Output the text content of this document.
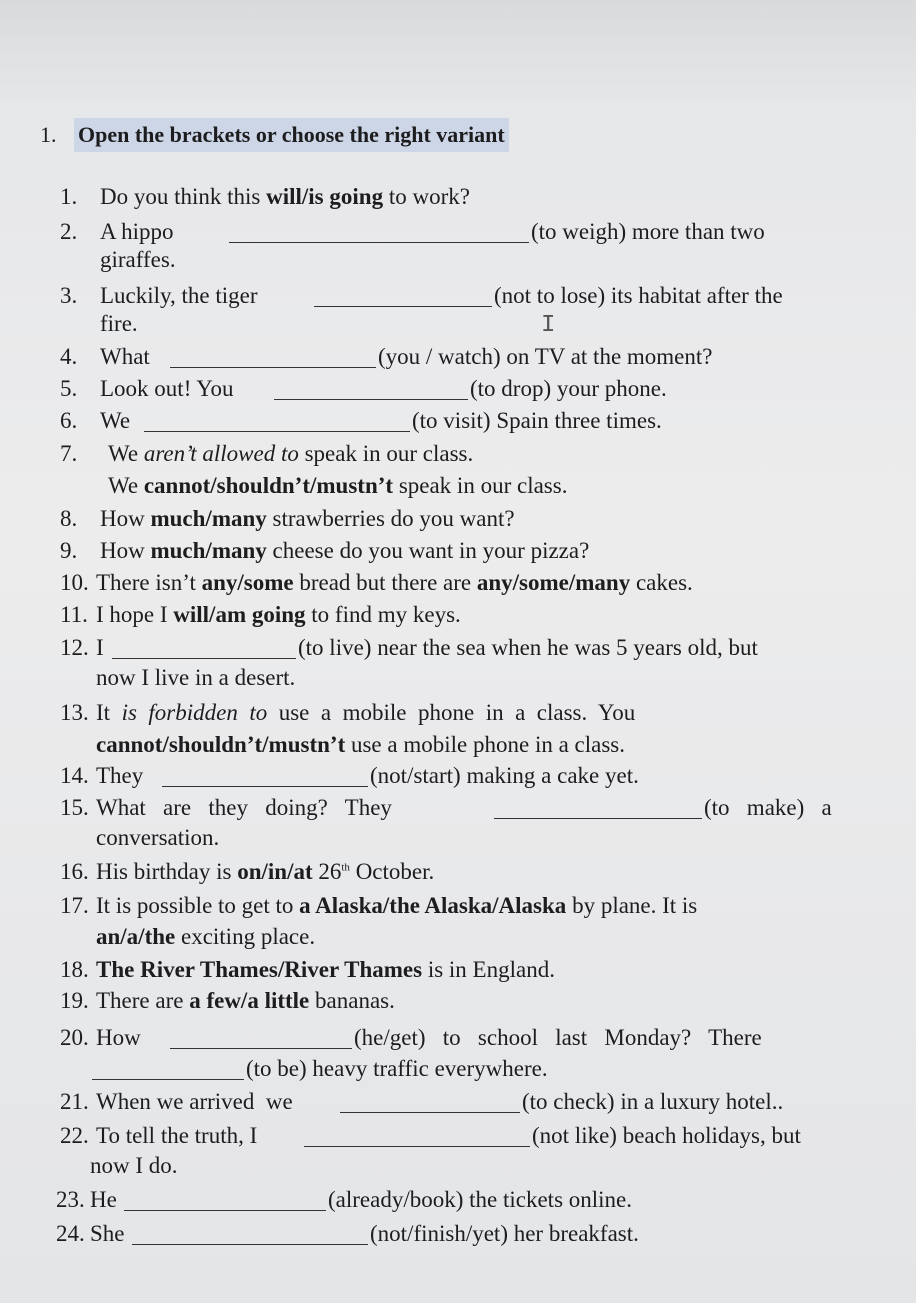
1. Open the brackets or choose the right variant
1. Do you think this will/is going to work?
2. A hippo	(to weigh) more than two
giraffes.
3. Luckily, the tiger	(not to lose) its habitat after the
fire.	I
4. What	(you / watch) on TV at the moment?
5. Look out! You	(to drop) your phone.
6. We	(to visit) Spain three times.
7. We aren’t allowed to speak in our class.
We cannot/shouldn’t/mustn’t speak in our class.
8. How much/many strawberries do you want?
9. How much/many cheese do you want in your pizza?
10. There isn’t any/some bread but there are any/some/many cakes.
11. I hope I will/am going to find my keys.
12. I	(to live) near the sea when he was 5 years old, but
now I live in a desert.
13. It  is  forbidden  to  use  a  mobile  phone  in  a  class.  You
cannot/shouldn’t/mustn’t use a mobile phone in a class.
14. They	(not/start) making a cake yet.
15. What   are   they   doing?   They	(to   make)   a
conversation.
16. His birthday is on/in/at 26th October.
17. It is possible to get to a Alaska/the Alaska/Alaska by plane. It is
an/a/the exciting place.
18. The River Thames/River Thames is in England.
19. There are a few/a little bananas.
20. How	(he/get)   to   school   last   Monday?   There
(to be) heavy traffic everywhere.
21. When we arrived  we	(to check) in a luxury hotel..
22. To tell the truth, I	(not like) beach holidays, but
now I do.
23. He	(already/book) the tickets online.
24. She	(not/finish/yet) her breakfast.
